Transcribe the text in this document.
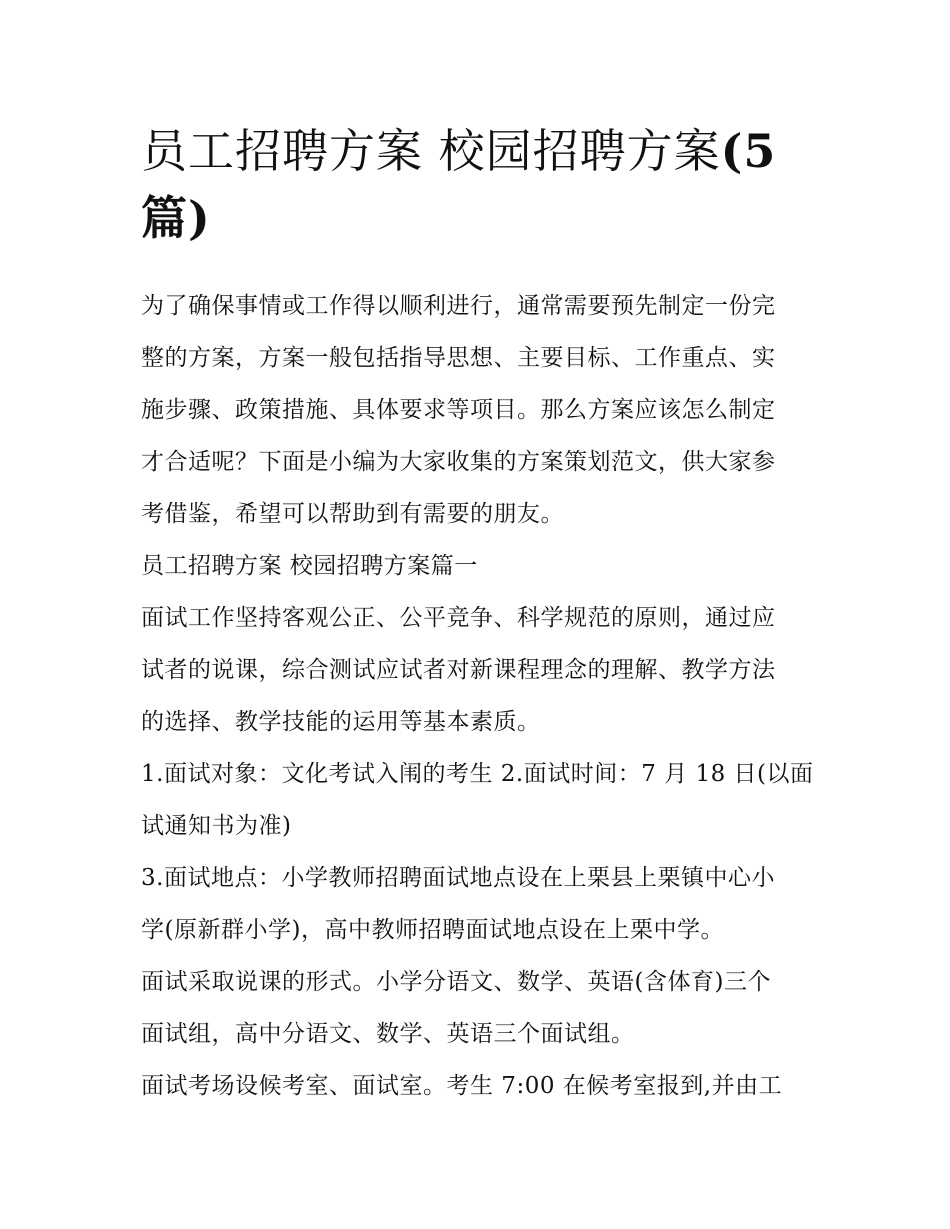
员工招聘方案 校园招聘方案(5
篇)

为了确保事情或工作得以顺利进行，通常需要预先制定一份完
整的方案，方案一般包括指导思想、主要目标、工作重点、实
施步骤、政策措施、具体要求等项目。那么方案应该怎么制定
才合适呢？下面是小编为大家收集的方案策划范文，供大家参
考借鉴，希望可以帮助到有需要的朋友。

员工招聘方案 校园招聘方案篇一

面试工作坚持客观公正、公平竞争、科学规范的原则，通过应
试者的说课，综合测试应试者对新课程理念的理解、教学方法
的选择、教学技能的运用等基本素质。

1.面试对象：文化考试入闱的考生 2.面试时间：7 月 18 日(以面
试通知书为准)

3.面试地点：小学教师招聘面试地点设在上栗县上栗镇中心小
学(原新群小学)，高中教师招聘面试地点设在上栗中学。

面试采取说课的形式。小学分语文、数学、英语(含体育)三个
面试组，高中分语文、数学、英语三个面试组。

面试考场设候考室、面试室。考生 7:00 在候考室报到,并由工
